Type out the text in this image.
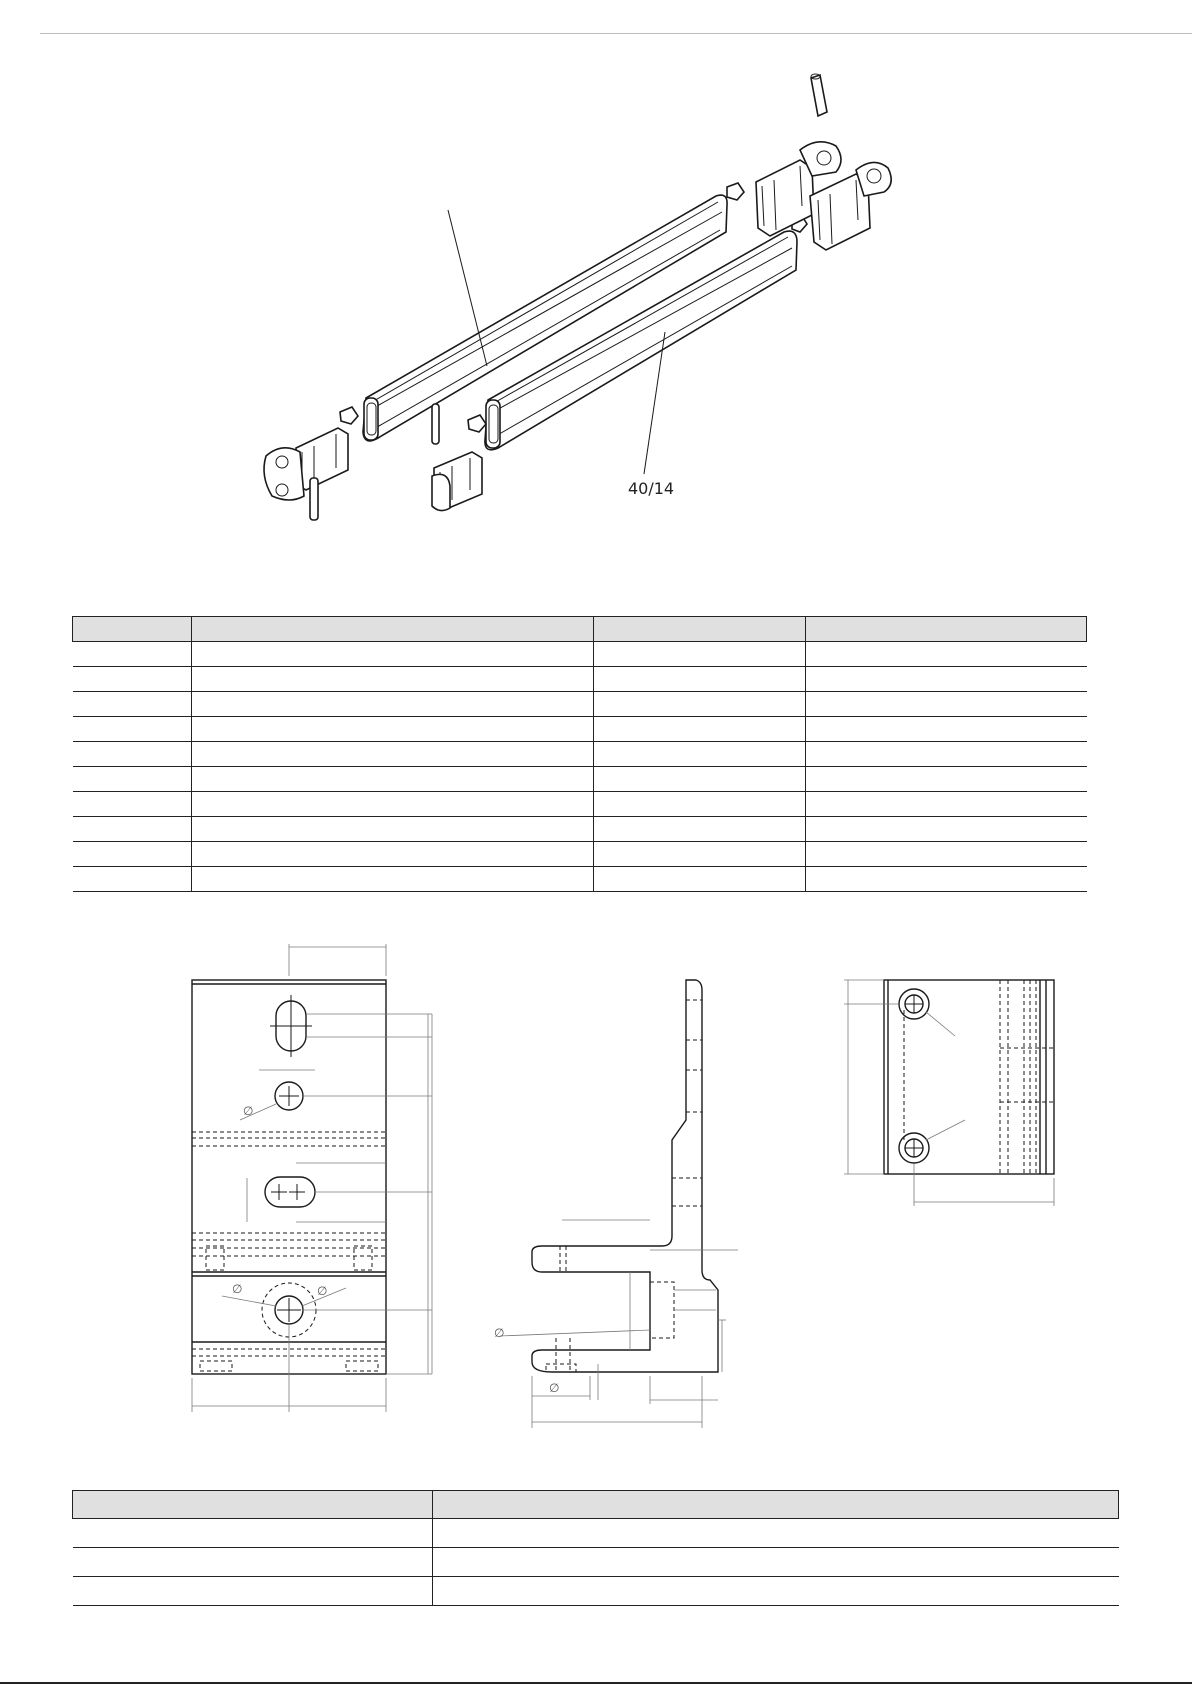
40/14

∅
∅	∅
∅
∅
